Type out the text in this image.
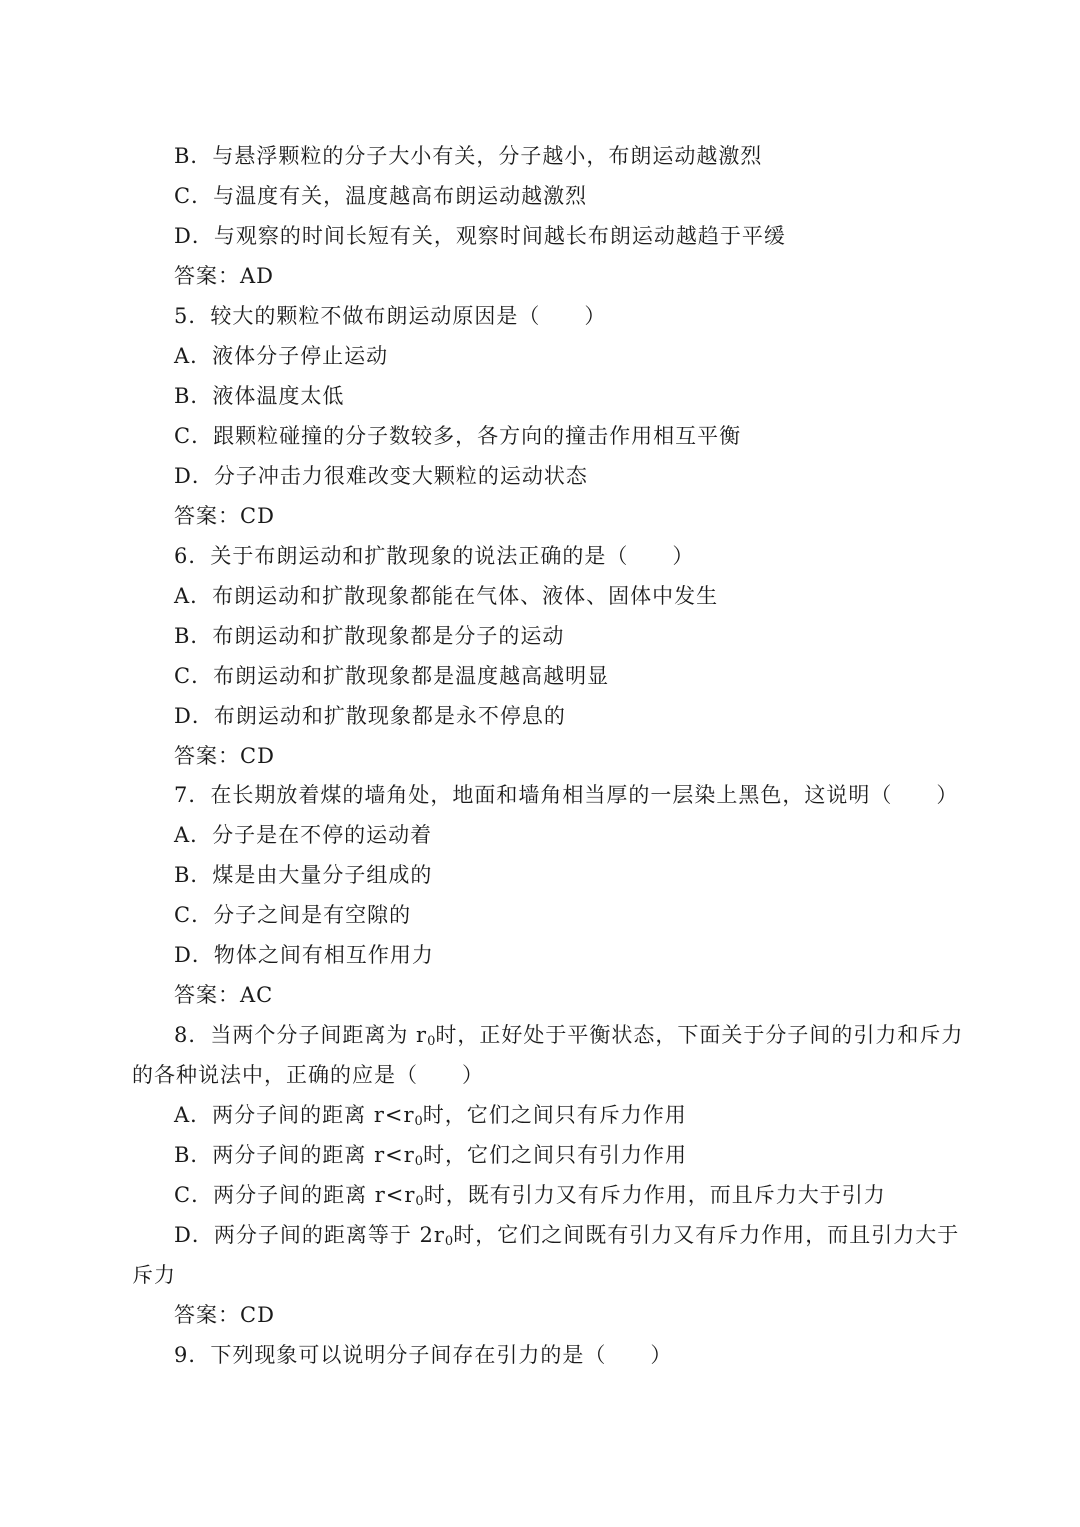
B．与悬浮颗粒的分子大小有关，分子越小，布朗运动越激烈
C．与温度有关，温度越高布朗运动越激烈
D．与观察的时间长短有关，观察时间越长布朗运动越趋于平缓
答案：AD
5．较大的颗粒不做布朗运动原因是（　　）
A．液体分子停止运动
B．液体温度太低
C．跟颗粒碰撞的分子数较多，各方向的撞击作用相互平衡
D．分子冲击力很难改变大颗粒的运动状态
答案：CD
6．关于布朗运动和扩散现象的说法正确的是（　　）
A．布朗运动和扩散现象都能在气体、液体、固体中发生
B．布朗运动和扩散现象都是分子的运动
C．布朗运动和扩散现象都是温度越高越明显
D．布朗运动和扩散现象都是永不停息的
答案：CD
7．在长期放着煤的墙角处，地面和墙角相当厚的一层染上黑色，这说明（　　）
A．分子是在不停的运动着
B．煤是由大量分子组成的
C．分子之间是有空隙的
D．物体之间有相互作用力
答案：AC
8．当两个分子间距离为 $r_0$时，正好处于平衡状态，下面关于分子间的引力和斥力
的各种说法中，正确的应是（　　）
A．两分子间的距离 $r<r_0$时，它们之间只有斥力作用
B．两分子间的距离 $r<r_0$时，它们之间只有引力作用
C．两分子间的距离 $r<r_0$时，既有引力又有斥力作用，而且斥力大于引力
D．两分子间的距离等于 $2r_0$时，它们之间既有引力又有斥力作用，而且引力大于
斥力
答案：CD
9．下列现象可以说明分子间存在引力的是（　　）
